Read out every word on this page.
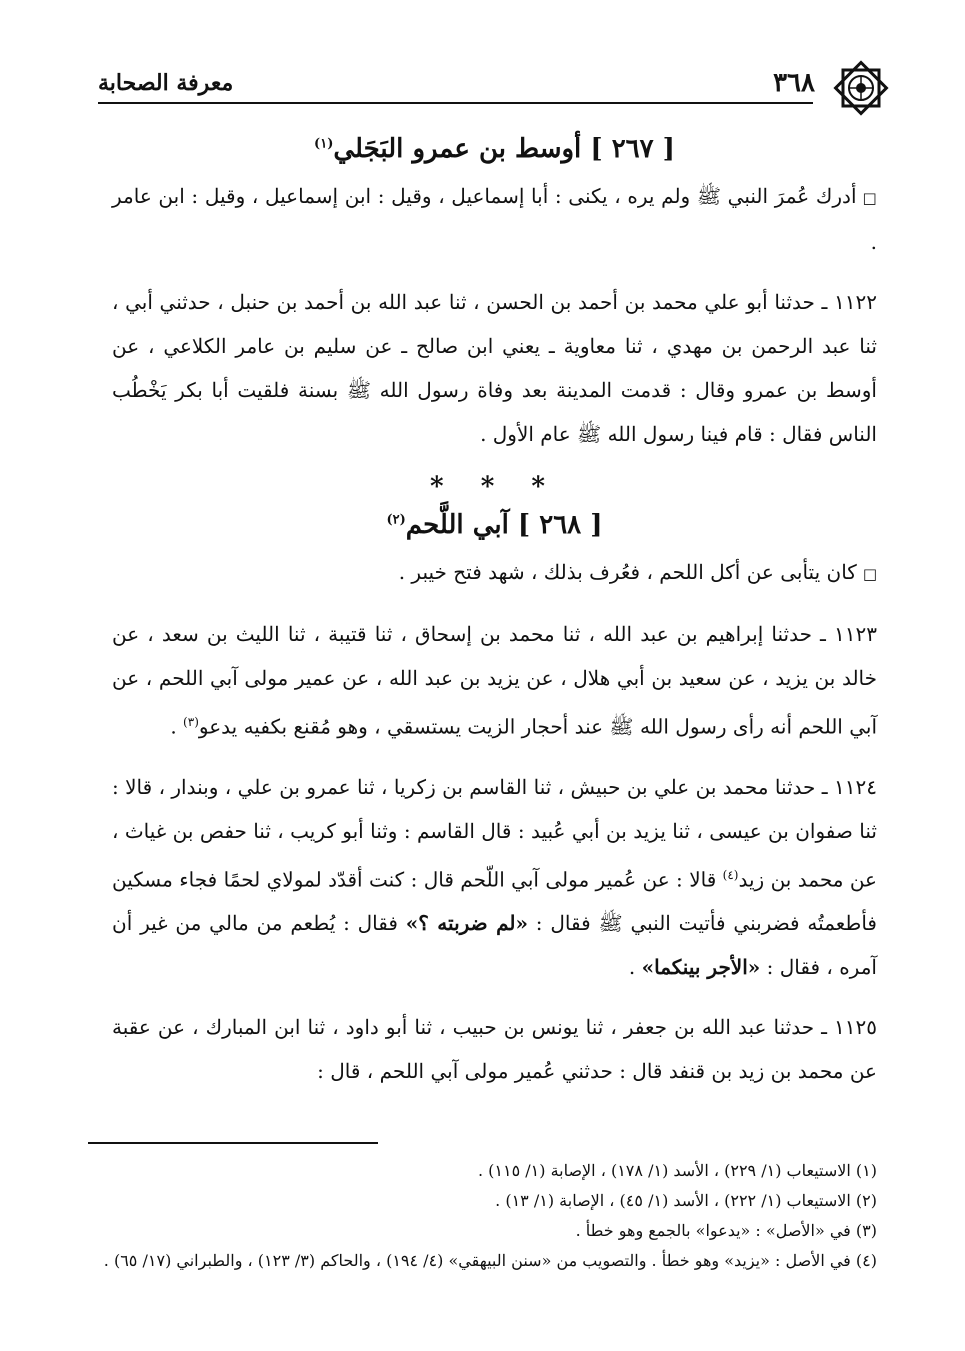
٣٦٨
معرفة الصحابة
[ ٢٦٧ ] أوسط بن عمرو البَجَلي$^{(١)}$

□أدرك عُمرَ النبي ﷺ ولم يره ، يكنى : أبا إسماعيل ، وقيل : ابن إسماعيل ، وقيل : ابن عامر .

١١٢٢ ـ حدثنا أبو علي محمد بن أحمد بن الحسن ، ثنا عبد الله بن أحمد بن حنبل ، حدثني أبي ، ثنا عبد الرحمن بن مهدي ، ثنا معاوية ـ يعني ابن صالح ـ عن سليم بن عامر الكلاعي ، عن أوسط بن عمرو وقال : قدمت المدينة بعد وفاة رسول الله ﷺ بسنة فلقيت أبا بكر يَخْطُب الناس فقال : قام فينا رسول الله ﷺ عام الأول .

* * *
[ ٢٦٨ ] آبي اللَّحم$^{(٢)}$

□كان يتأبى عن أكل اللحم ، فعُرف بذلك ، شهد فتح خيبر .

١١٢٣ ـ حدثنا إبراهيم بن عبد الله ، ثنا محمد بن إسحاق ، ثنا قتيبة ، ثنا الليث بن سعد ، عن خالد بن يزيد ، عن سعيد بن أبي هلال ، عن يزيد بن عبد الله ، عن عمير مولى آبي اللحم ، عن آبي اللحم أنه رأى رسول الله ﷺ عند أحجار الزيت يستسقي ، وهو مُقنع بكفيه يدعو$^{(٣)}$ .

١١٢٤ ـ حدثنا محمد بن علي بن حبيش ، ثنا القاسم بن زكريا ، ثنا عمرو بن علي ، وبندار ، قالا : ثنا صفوان بن عيسى ، ثنا يزيد بن أبي عُبيد : قال القاسم : وثنا أبو كريب ، ثنا حفص بن غياث ، عن محمد بن زيد$^{(٤)}$ قالا : عن عُمير مولى آبي اللّحم قال : كنت أقدّد لمولاي لحمًا فجاء مسكين فأطعمتُه فضربني فأتيت النبي ﷺ فقال : «لم ضربته ؟» فقال : يُطعم من مالي من غير أن آمره ، فقال : «الأجر بينكما» .

١١٢٥ ـ حدثنا عبد الله بن جعفر ، ثنا يونس بن حبيب ، ثنا أبو داود ، ثنا ابن المبارك ، عن عقبة عن محمد بن زيد بن قنفد قال : حدثني عُمير مولى آبي اللحم ، قال :

(١) الاستيعاب (١/ ٢٢٩) ، الأسد (١/ ١٧٨) ، الإصابة (١/ ١١٥) .
(٢) الاستيعاب (١/ ٢٢٢) ، الأسد (١/ ٤٥) ، الإصابة (١/ ١٣) .
(٣) في «الأصل» : «يدعوا» بالجمع وهو خطأ .
(٤) في الأصل : «يزيد» وهو خطأ . والتصويب من «سنن البيهقي» (٤/ ١٩٤) ، والحاكم (٣/ ١٢٣) ، والطبراني (١٧/ ٦٥) .
